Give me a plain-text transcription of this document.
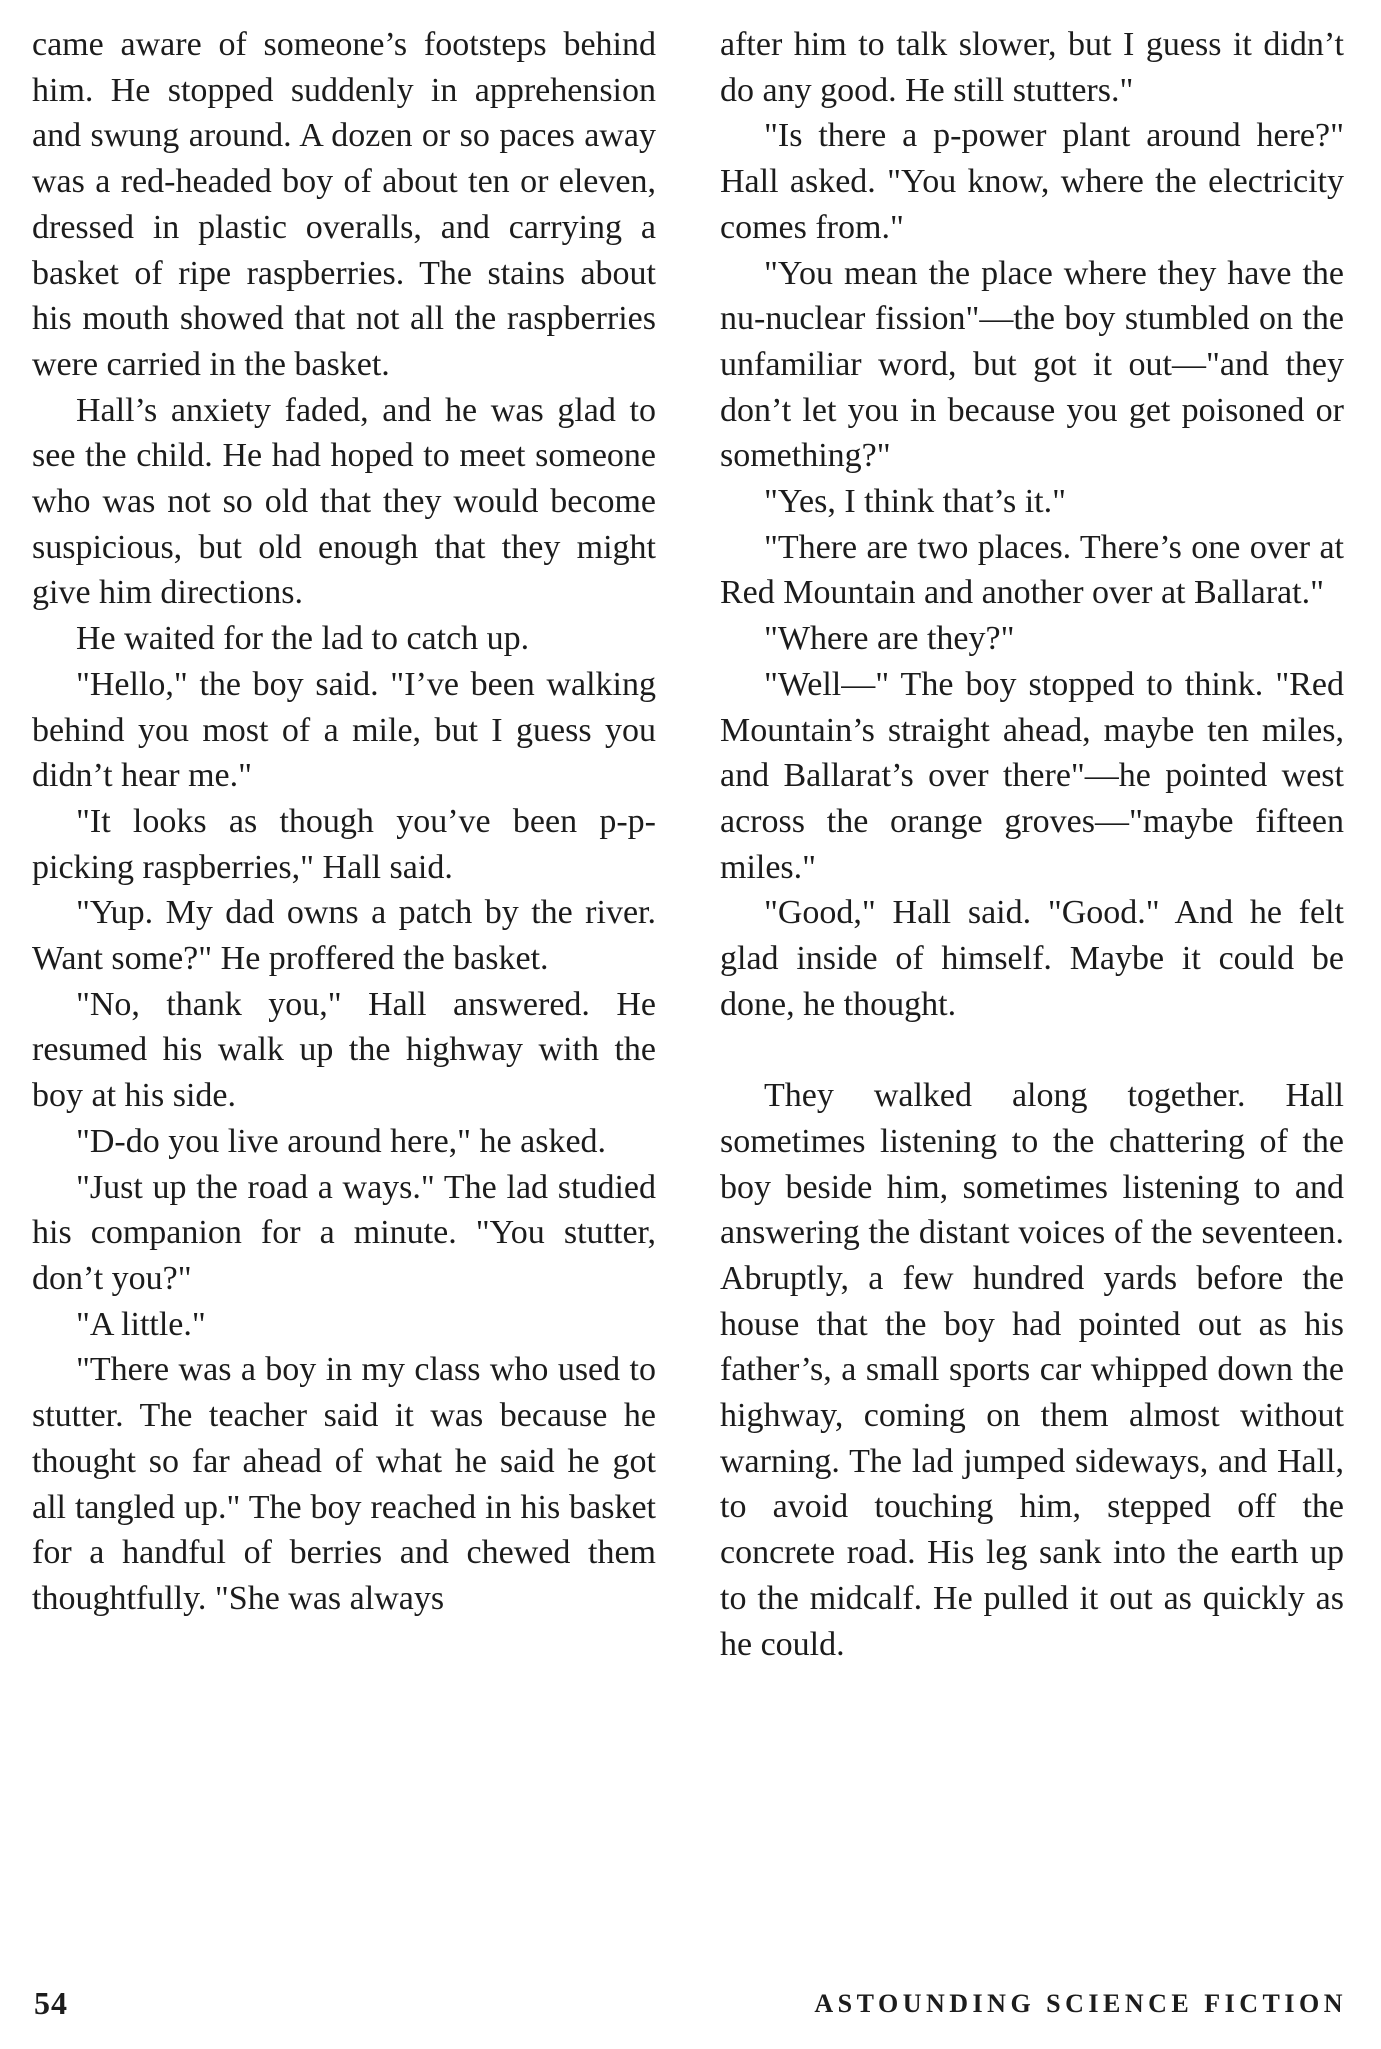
came aware of someone’s footsteps behind him. He stopped suddenly in apprehension and swung around. A dozen or so paces away was a red-headed boy of about ten or eleven, dressed in plastic overalls, and carrying a basket of ripe raspberries. The stains about his mouth showed that not all the raspberries were carried in the basket.

Hall’s anxiety faded, and he was glad to see the child. He had hoped to meet someone who was not so old that they would become suspicious, but old enough that they might give him directions.

He waited for the lad to catch up.

"Hello," the boy said. "I’ve been walking behind you most of a mile, but I guess you didn’t hear me."

"It looks as though you’ve been p-p-picking raspberries," Hall said.

"Yup. My dad owns a patch by the river. Want some?" He proffered the basket.

"No, thank you," Hall answered. He resumed his walk up the highway with the boy at his side.

"D-do you live around here," he asked.

"Just up the road a ways." The lad studied his companion for a minute. "You stutter, don’t you?"

"A little."

"There was a boy in my class who used to stutter. The teacher said it was because he thought so far ahead of what he said he got all tangled up." The boy reached in his basket for a handful of berries and chewed them thoughtfully. "She was always

after him to talk slower, but I guess it didn’t do any good. He still stutters."

"Is there a p-power plant around here?" Hall asked. "You know, where the electricity comes from."

"You mean the place where they have the nu-nuclear fission"—the boy stumbled on the unfamiliar word, but got it out—"and they don’t let you in because you get poisoned or something?"

"Yes, I think that’s it."

"There are two places. There’s one over at Red Mountain and another over at Ballarat."

"Where are they?"

"Well—" The boy stopped to think. "Red Mountain’s straight ahead, maybe ten miles, and Ballarat’s over there"—he pointed west across the orange groves—"maybe fifteen miles."

"Good," Hall said. "Good." And he felt glad inside of himself. Maybe it could be done, he thought.

They walked along together. Hall sometimes listening to the chattering of the boy beside him, sometimes listening to and answering the distant voices of the seventeen. Abruptly, a few hundred yards before the house that the boy had pointed out as his father’s, a small sports car whipped down the highway, coming on them almost without warning. The lad jumped sideways, and Hall, to avoid touching him, stepped off the concrete road. His leg sank into the earth up to the midcalf. He pulled it out as quickly as he could.

54	ASTOUNDING SCIENCE FICTION
